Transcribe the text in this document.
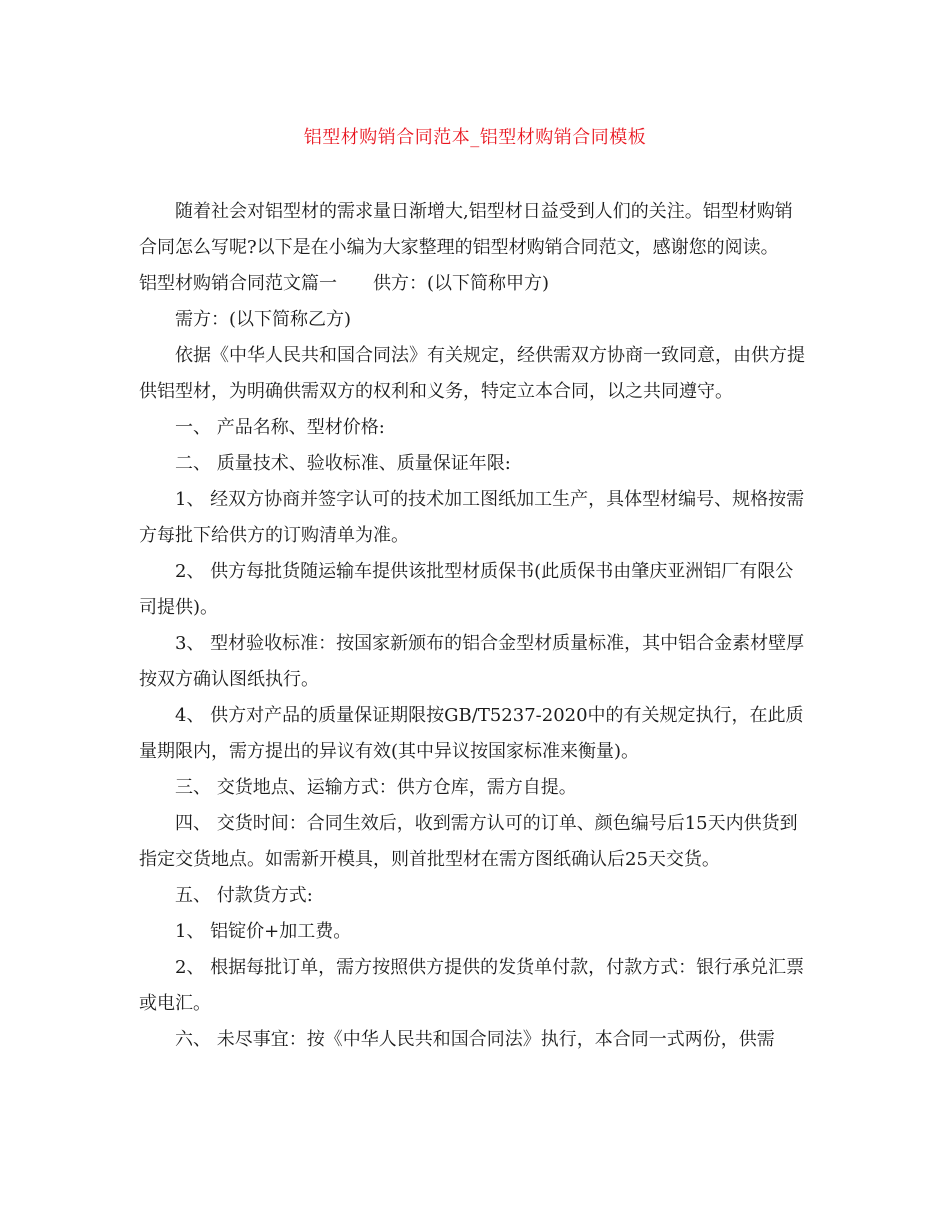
铝型材购销合同范本_铝型材购销合同模板

随着社会对铝型材的需求量日渐增大,铝型材日益受到人们的关注。铝型材购销合同怎么写呢?以下是在小编为大家整理的铝型材购销合同范文，感谢您的阅读。

铝型材购销合同范文篇一 供方：(以下简称甲方)

需方：(以下简称乙方)

依据《中华人民共和国合同法》有关规定，经供需双方协商一致同意，由供方提供铝型材，为明确供需双方的权利和义务，特定立本合同，以之共同遵守。

一、 产品名称、型材价格:

二、 质量技术、验收标准、质量保证年限:

1、 经双方协商并签字认可的技术加工图纸加工生产，具体型材编号、规格按需方每批下给供方的订购清单为准。

2、 供方每批货随运输车提供该批型材质保书(此质保书由肇庆亚洲铝厂有限公司提供)。

3、 型材验收标准：按国家新颁布的铝合金型材质量标准，其中铝合金素材壁厚按双方确认图纸执行。

4、 供方对产品的质量保证期限按GB/T5237-2020中的有关规定执行，在此质量期限内，需方提出的异议有效(其中异议按国家标准来衡量)。

三、 交货地点、运输方式：供方仓库，需方自提。

四、 交货时间：合同生效后，收到需方认可的订单、颜色编号后15天内供货到指定交货地点。如需新开模具，则首批型材在需方图纸确认后25天交货。

五、 付款货方式:

1、 铝锭价+加工费。

2、 根据每批订单，需方按照供方提供的发货单付款，付款方式：银行承兑汇票或电汇。

六、 未尽事宜：按《中华人民共和国合同法》执行，本合同一式两份，供需
